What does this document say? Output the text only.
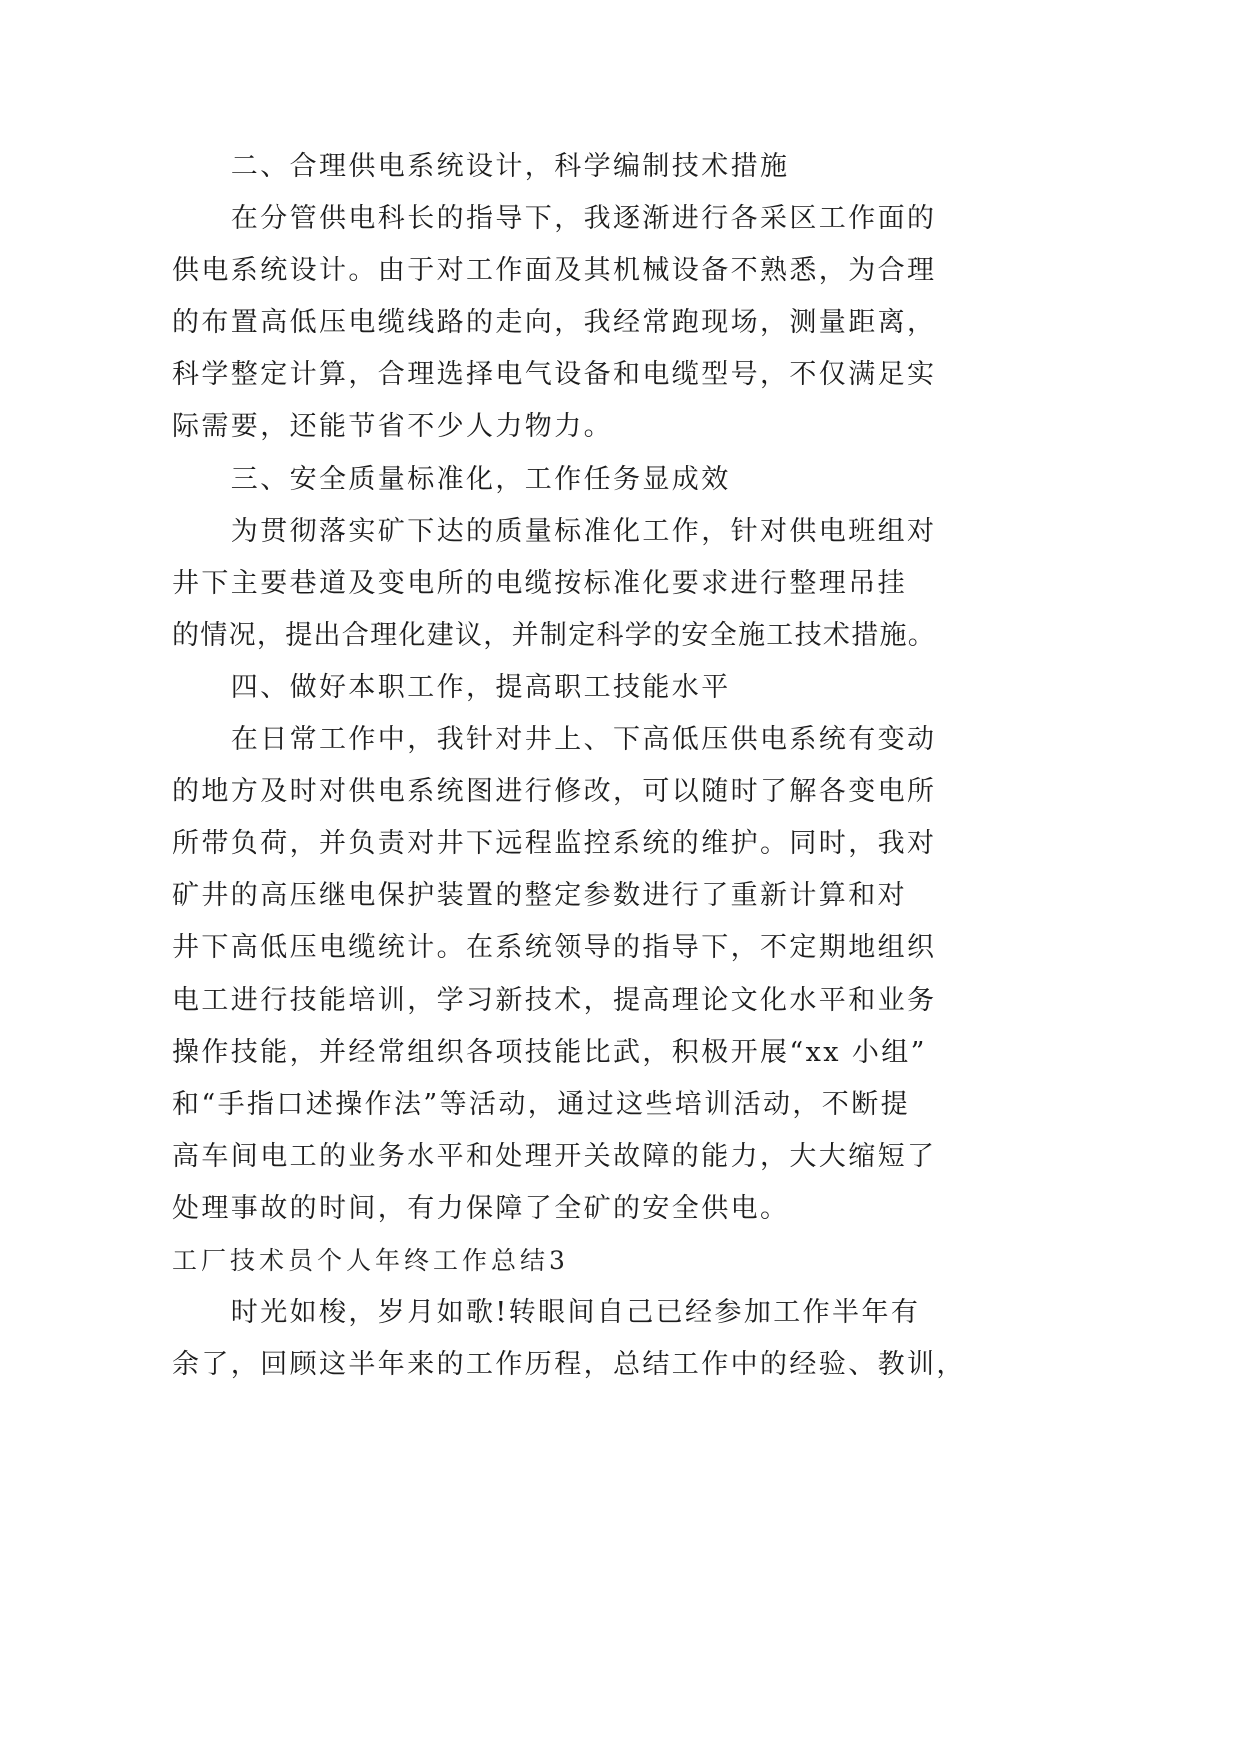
二、合理供电系统设计，科学编制技术措施
在分管供电科长的指导下，我逐渐进行各采区工作面的
供电系统设计。由于对工作面及其机械设备不熟悉，为合理
的布置高低压电缆线路的走向，我经常跑现场，测量距离，
科学整定计算，合理选择电气设备和电缆型号，不仅满足实
际需要，还能节省不少人力物力。
三、安全质量标准化，工作任务显成效
为贯彻落实矿下达的质量标准化工作，针对供电班组对
井下主要巷道及变电所的电缆按标准化要求进行整理吊挂
的情况，提出合理化建议，并制定科学的安全施工技术措施。
四、做好本职工作，提高职工技能水平
在日常工作中，我针对井上、下高低压供电系统有变动
的地方及时对供电系统图进行修改，可以随时了解各变电所
所带负荷，并负责对井下远程监控系统的维护。同时，我对
矿井的高压继电保护装置的整定参数进行了重新计算和对
井下高低压电缆统计。在系统领导的指导下，不定期地组织
电工进行技能培训，学习新技术，提高理论文化水平和业务
操作技能，并经常组织各项技能比武，积极开展“xx 小组”
和“手指口述操作法”等活动，通过这些培训活动，不断提
高车间电工的业务水平和处理开关故障的能力，大大缩短了
处理事故的时间，有力保障了全矿的安全供电。
工厂技术员个人年终工作总结3
时光如梭，岁月如歌!转眼间自己已经参加工作半年有
余了，回顾这半年来的工作历程，总结工作中的经验、教训，
